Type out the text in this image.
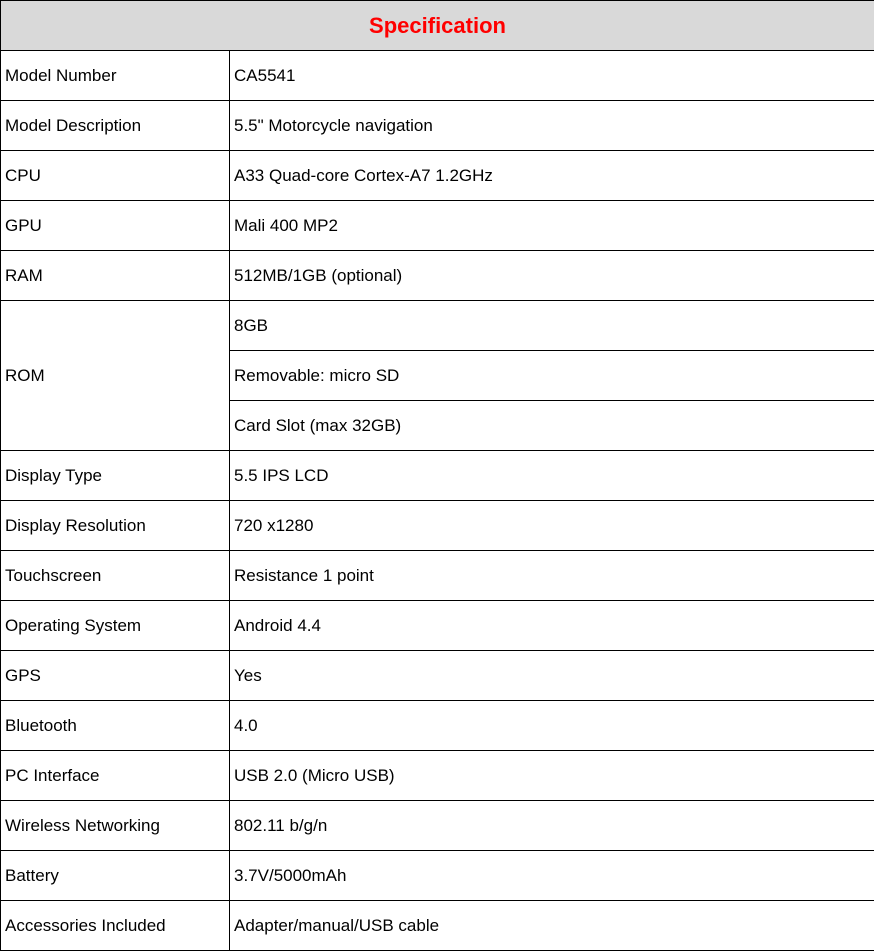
Specification	
Model Number	CA5541
Model Description	5.5" Motorcycle navigation
CPU	A33 Quad-core Cortex-A7 1.2GHz
GPU	Mali 400 MP2
RAM	512MB/1GB (optional)
ROM	8GB
	Removable: micro SD
	Card Slot (max 32GB)
Display Type	5.5 IPS LCD
Display Resolution	720 x1280
Touchscreen	Resistance 1 point
Operating System	Android 4.4
GPS	Yes
Bluetooth	4.0
PC Interface	USB 2.0 (Micro USB)
Wireless Networking	802.11 b/g/n
Battery	3.7V/5000mAh
Accessories Included	Adapter/manual/USB cable
